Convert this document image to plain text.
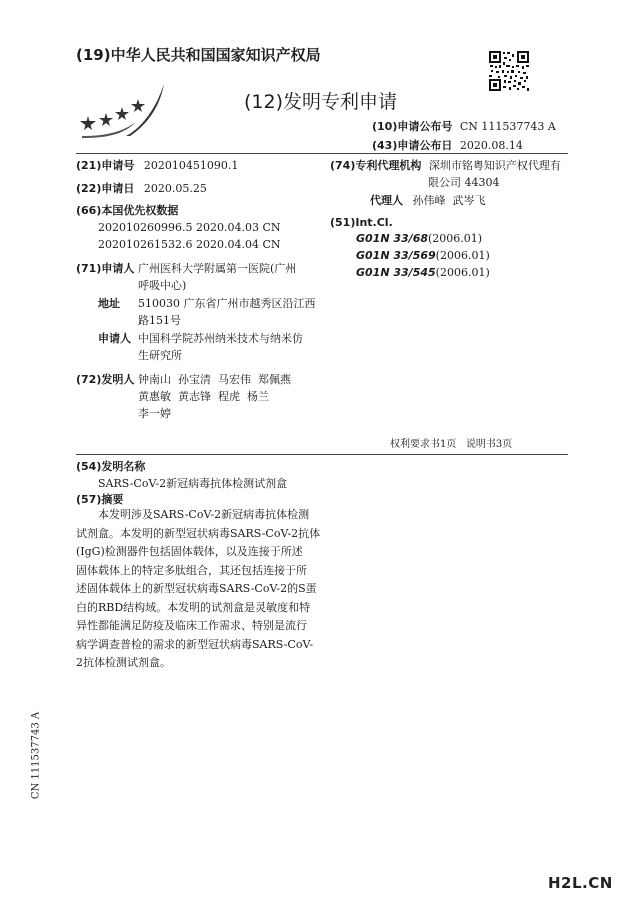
(19)中华人民共和国国家知识产权局
(12)发明专利申请
(10)申请公布号 CN 111537743 A
(43)申请公布日 2020.08.14
(21)申请号 202010451090.1
(22)申请日 2020.05.25
(66)本国优先权数据
202010260996.5 2020.04.03 CN
202010261532.6 2020.04.04 CN
(71)申请人 广州医科大学附属第一医院(广州
呼吸中心)
地址 510030 广东省广州市越秀区沿江西
路151号
申请人 中国科学院苏州纳米技术与纳米仿
生研究所
(72)发明人 钟南山  孙宝清  马宏伟  郑佩燕
黄惠敏  黄志锋  程虎  杨兰
李一婷
(74)专利代理机构 深圳市铭粤知识产权代理有
限公司 44304
代理人 孙伟峰  武岑飞
(51)Int.Cl.
G01N 33/68(2006.01)
G01N 33/569(2006.01)
G01N 33/545(2006.01)
权利要求书1页   说明书3页
(54)发明名称
SARS-CoV-2新冠病毒抗体检测试剂盒
(57)摘要
本发明涉及SARS-CoV-2新冠病毒抗体检测
试剂盒。本发明的新型冠状病毒SARS-CoV-2抗体
(IgG)检测器件包括固体载体，以及连接于所述
固体载体上的特定多肽组合，其还包括连接于所
述固体载体上的新型冠状病毒SARS-CoV-2的S蛋
白的RBD结构域。本发明的试剂盒是灵敏度和特
异性都能满足防疫及临床工作需求、特别是流行
病学调查普检的需求的新型冠状病毒SARS-CoV-
2抗体检测试剂盒。
CN 111537743 A
H2L.CN
